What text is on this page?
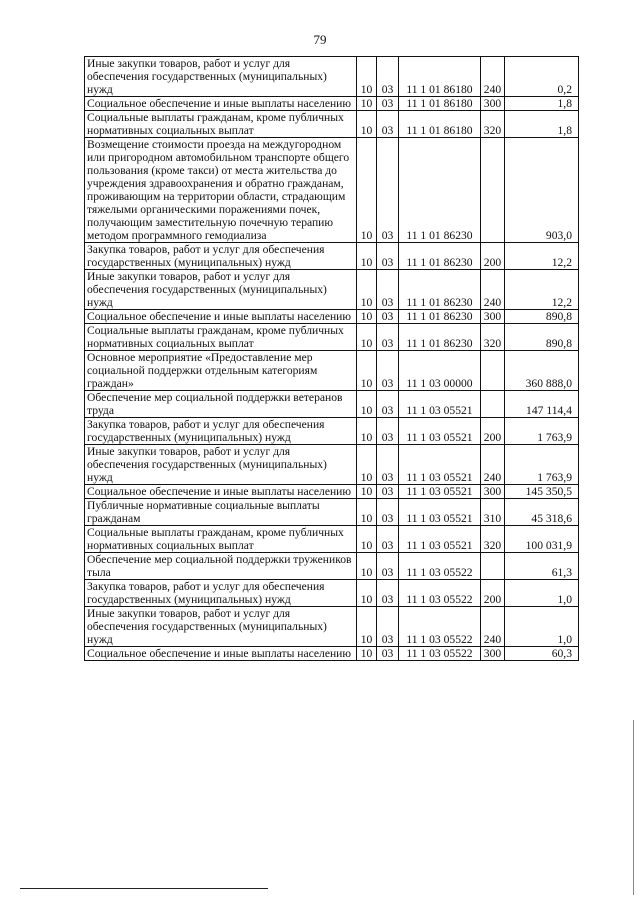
79
Иные закупки товаров, работ и услуг для обеспечения государственных (муниципальных) нужд	10	03	11 1 01 86180	240	0,2
Социальное обеспечение и иные выплаты населению	10	03	11 1 01 86180	300	1,8
Социальные выплаты гражданам, кроме публичных нормативных социальных выплат	10	03	11 1 01 86180	320	1,8
Возмещение стоимости проезда на междугородном или пригородном автомобильном транспорте общего пользования (кроме такси) от места жительства до учреждения здравоохранения и обратно гражданам, проживающим на территории области, страдающим тяжелыми органическими поражениями почек, получающим заместительную почечную терапию методом программного гемодиализа	10	03	11 1 01 86230		903,0
Закупка товаров, работ и услуг для обеспечения государственных (муниципальных) нужд	10	03	11 1 01 86230	200	12,2
Иные закупки товаров, работ и услуг для обеспечения государственных (муниципальных) нужд	10	03	11 1 01 86230	240	12,2
Социальное обеспечение и иные выплаты населению	10	03	11 1 01 86230	300	890,8
Социальные выплаты гражданам, кроме публичных нормативных социальных выплат	10	03	11 1 01 86230	320	890,8
Основное мероприятие «Предоставление мер социальной поддержки отдельным категориям граждан»	10	03	11 1 03 00000		360 888,0
Обеспечение мер социальной поддержки ветеранов труда	10	03	11 1 03 05521		147 114,4
Закупка товаров, работ и услуг для обеспечения государственных (муниципальных) нужд	10	03	11 1 03 05521	200	1 763,9
Иные закупки товаров, работ и услуг для обеспечения государственных (муниципальных) нужд	10	03	11 1 03 05521	240	1 763,9
Социальное обеспечение и иные выплаты населению	10	03	11 1 03 05521	300	145 350,5
Публичные нормативные социальные выплаты гражданам	10	03	11 1 03 05521	310	45 318,6
Социальные выплаты гражданам, кроме публичных нормативных социальных выплат	10	03	11 1 03 05521	320	100 031,9
Обеспечение мер социальной поддержки тружеников тыла	10	03	11 1 03 05522		61,3
Закупка товаров, работ и услуг для обеспечения государственных (муниципальных) нужд	10	03	11 1 03 05522	200	1,0
Иные закупки товаров, работ и услуг для обеспечения государственных (муниципальных) нужд	10	03	11 1 03 05522	240	1,0
Социальное обеспечение и иные выплаты населению	10	03	11 1 03 05522	300	60,3
